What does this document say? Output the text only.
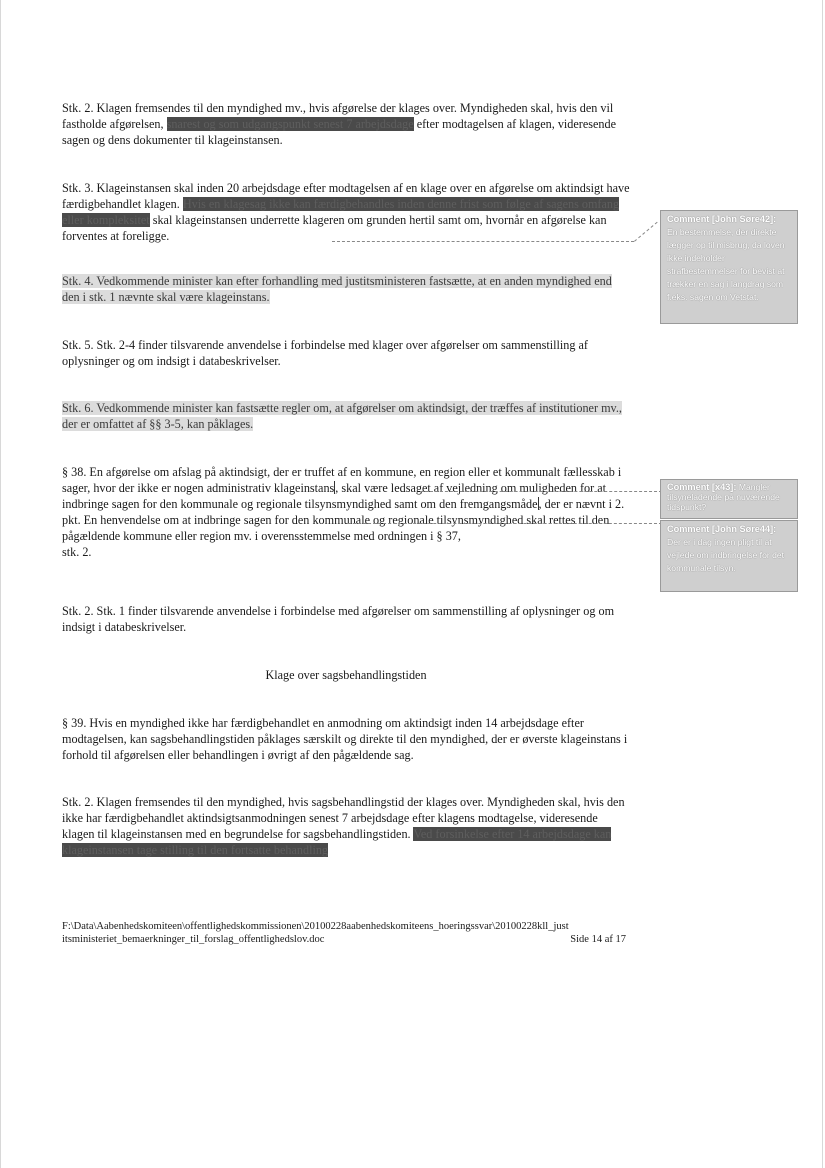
Stk. 2. Klagen fremsendes til den myndighed mv., hvis afgørelse der klages over. Myndigheden skal, hvis den vil fastholde afgørelsen, snarest og som udgangspunkt senest 7 arbejdsdage efter modtagelsen af klagen, videresende sagen og dens dokumenter til klageinstansen.
Stk. 3. Klageinstansen skal inden 20 arbejdsdage efter modtagelsen af en klage over en afgørelse om aktindsigt have færdigbehandlet klagen. Hvis en klagesag ikke kan færdigbehandles inden denne frist som følge af sagens omfang eller kompleksitet skal klageinstansen underrette klageren om grunden hertil samt om, hvornår en afgørelse kan forventes at foreligge.
Stk. 4. Vedkommende minister kan efter forhandling med justitsministeren fastsætte, at en anden myndighed end den i stk. 1 nævnte skal være klageinstans.
Stk. 5. Stk. 2-4 finder tilsvarende anvendelse i forbindelse med klager over afgørelser om sammenstilling af oplysninger og om indsigt i databeskrivelser.
Stk. 6. Vedkommende minister kan fastsætte regler om, at afgørelser om aktindsigt, der træffes af institutioner mv., der er omfattet af §§ 3-5, kan påklages.
§ 38. En afgørelse om afslag på aktindsigt, der er truffet af en kommune, en region eller et kommunalt fællesskab i sager, hvor der ikke er nogen administrativ klageinstans, skal være ledsaget af vejledning om muligheden for at indbringe sagen for den kommunale og regionale tilsynsmyndighed samt om den fremgangsmåde, der er nævnt i 2. pkt. En henvendelse om at indbringe sagen for den kommunale og regionale tilsynsmyndighed skal rettes til den pågældende kommune eller region mv. i overensstemmelse med ordningen i § 37,
stk. 2.
Stk. 2. Stk. 1 finder tilsvarende anvendelse i forbindelse med afgørelser om sammenstilling af oplysninger og om indsigt i databeskrivelser.
Klage over sagsbehandlingstiden
§ 39. Hvis en myndighed ikke har færdigbehandlet en anmodning om aktindsigt inden 14 arbejdsdage efter modtagelsen, kan sagsbehandlingstiden påklages særskilt og direkte til den myndighed, der er øverste klageinstans i forhold til afgørelsen eller behandlingen i øvrigt af den pågældende sag.
Stk. 2. Klagen fremsendes til den myndighed, hvis sagsbehandlingstid der klages over. Myndigheden skal, hvis den ikke har færdigbehandlet aktindsigtsanmodningen senest 7 arbejdsdage efter klagens modtagelse, videresende klagen til klageinstansen med en begrundelse for sagsbehandlingstiden. Ved forsinkelse efter 14 arbejdsdage kan klageinstansen tage stilling til den fortsatte behandling
F:\Data\Aabenhedskomiteen\offentlighedskommissionen\20100228aabenhedskomiteens_hoeringssvar\20100228kll_just
itsministeriet_bemaerkninger_til_forslag_offentlighedslov.doc	Side 14 af 17
Comment [John Søre42]:
En bestemmelse, der direkte lægger op til misbrug, da loven ikke indeholder strafbestemmelser for bevist at trækker en sag i langdrag som f.eks. sagen om Vetstat.
Comment [x43]: Mangler tilsyneladende på nuværende tidspunkt?
Comment [John Søre44]:
Der er i dag ingen pligt til at vejlede om indbringelse for det kommunale tilsyn.
